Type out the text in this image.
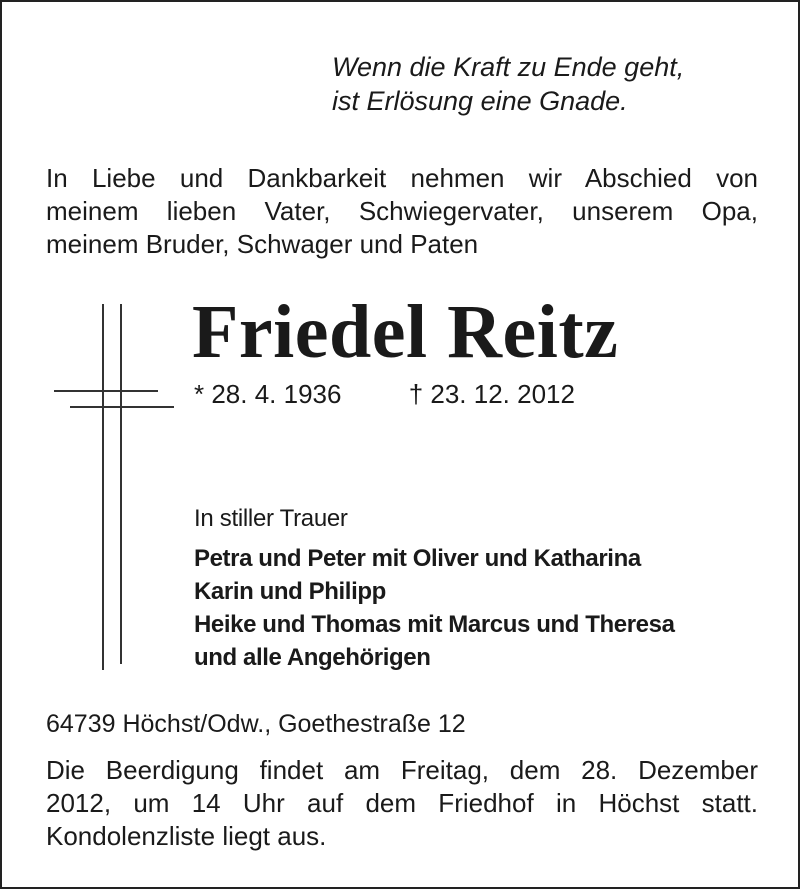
Wenn die Kraft zu Ende geht,
ist Erlösung eine Gnade.
In Liebe und Dankbarkeit nehmen wir Abschied von
meinem lieben Vater, Schwiegervater, unserem Opa,
meinem Bruder, Schwager und Paten
Friedel Reitz
* 28. 4. 1936	† 23. 12. 2012
In stiller Trauer
Petra und Peter mit Oliver und Katharina
Karin und Philipp
Heike und Thomas mit Marcus und Theresa
und alle Angehörigen
64739 Höchst/Odw., Goethestraße 12
Die Beerdigung findet am Freitag, dem 28. Dezember
2012, um 14 Uhr auf dem Friedhof in Höchst statt.
Kondolenzliste liegt aus.
